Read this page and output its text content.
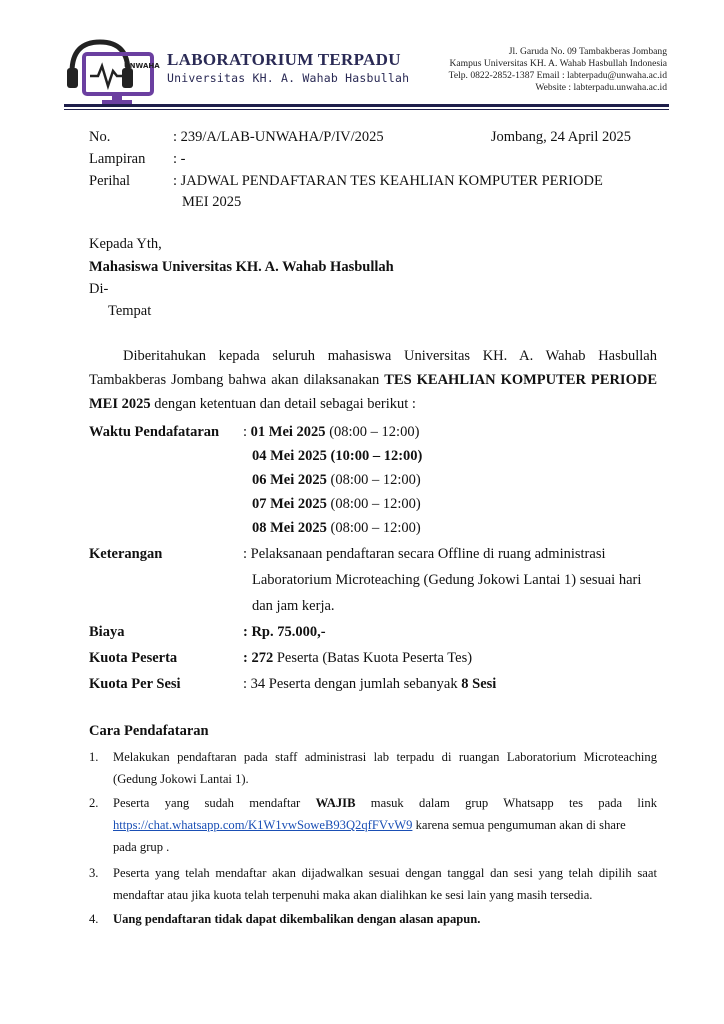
UNWAHA LABORATORIUM TERPADU
Universitas KH. A. Wahab Hasbullah
Jl. Garuda No. 09 Tambakberas Jombang
Kampus Universitas KH. A. Wahab Hasbullah Indonesia
Telp. 0822-2852-1387 Email : labterpadu@unwaha.ac.id
Website : labterpadu.unwaha.ac.id
No.	: 239/A/LAB-UNWAHA/P/IV/2025	Jombang, 24 April 2025
Lampiran : -
Perihal	: JADWAL PENDAFTARAN TES KEAHLIAN KOMPUTER PERIODE
MEI 2025
Kepada Yth,
Mahasiswa Universitas KH. A. Wahab Hasbullah
Di-
Tempat
Diberitahukan kepada seluruh mahasiswa Universitas KH. A. Wahab Hasbullah
Tambakberas Jombang bahwa akan dilaksanakan TES KEAHLIAN KOMPUTER PERIODE
MEI 2025 dengan ketentuan dan detail sebagai berikut :
Waktu Pendafataran : 01 Mei 2025 (08:00 – 12:00)
04 Mei 2025 (10:00 – 12:00)
06 Mei 2025 (08:00 – 12:00)
07 Mei 2025 (08:00 – 12:00)
08 Mei 2025 (08:00 – 12:00)
Keterangan	: Pelaksanaan pendaftaran secara Offline di ruang administrasi
Laboratorium Microteaching (Gedung Jokowi Lantai 1) sesuai hari
dan jam kerja.
Biaya	: Rp. 75.000,-
Kuota Peserta	: 272 Peserta (Batas Kuota Peserta Tes)
Kuota Per Sesi	: 34 Peserta dengan jumlah sebanyak 8 Sesi
Cara Pendafataran
1.	Melakukan pendaftaran pada staff administrasi lab terpadu di ruangan Laboratorium Microteaching
(Gedung Jokowi Lantai 1).
2.	Peserta yang sudah mendaftar WAJIB masuk dalam grup Whatsapp tes pada link
https://chat.whatsapp.com/K1W1vwSoweB93Q2qfFVvW9 karena semua pengumuman akan di share
pada grup .
3.	Peserta yang telah mendaftar akan dijadwalkan sesuai dengan tanggal dan sesi yang telah dipilih saat
mendaftar atau jika kuota telah terpenuhi maka akan dialihkan ke sesi lain yang masih tersedia.
4.	Uang pendaftaran tidak dapat dikembalikan dengan alasan apapun.
